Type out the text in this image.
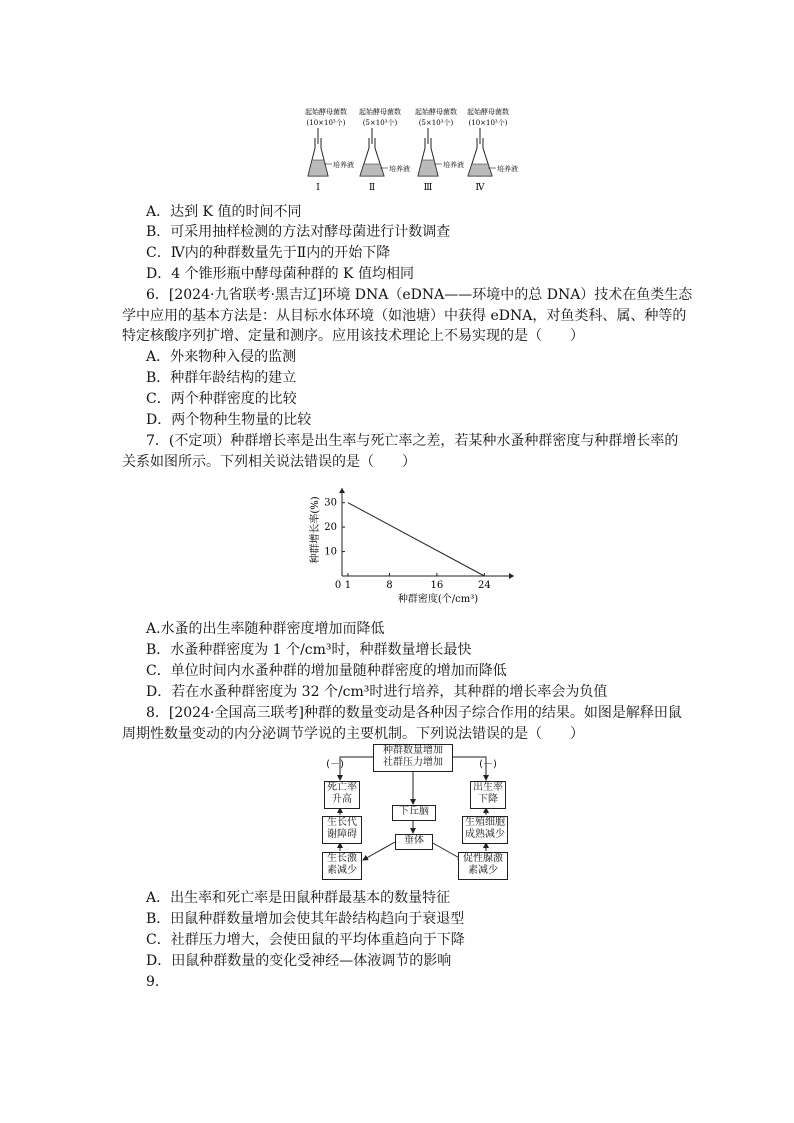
起始酵母菌数
(10×10³个)
培养液
Ⅰ
起始酵母菌数
(5×10³个)
培养液
Ⅱ
起始酵母菌数
(5×10³个)
培养液
Ⅲ
起始酵母菌数
(10×10³个)
培养液
Ⅳ
A．达到 K 值的时间不同
B．可采用抽样检测的方法对酵母菌进行计数调查
C．Ⅳ内的种群数量先于Ⅱ内的开始下降
D．4 个锥形瓶中酵母菌种群的 K 值均相同
6．[2024·九省联考·黑吉辽]环境 DNA（eDNA——环境中的总 DNA）技术在鱼类生态
学中应用的基本方法是：从目标水体环境（如池塘）中获得 eDNA，对鱼类科、属、种等的
特定核酸序列扩增、定量和测序。应用该技术理论上不易实现的是（　　）
A．外来物种入侵的监测
B．种群年龄结构的建立
C．两个种群密度的比较
D．两个物种生物量的比较
7．(不定项）种群增长率是出生率与死亡率之差，若某种水蚤种群密度与种群增长率的
关系如图所示。下列相关说法错误的是（　　）
0 1	8	16	24
10
20
30
种群密度(个/cm³)
种群增长率(%)
A.水蚤的出生率随种群密度增加而降低
B．水蚤种群密度为 1 个/cm³时，种群数量增长最快
C．单位时间内水蚤种群的增加量随种群密度的增加而降低
D．若在水蚤种群密度为 32 个/cm³时进行培养，其种群的增长率会为负值
8．[2024·全国高三联考]种群的数量变动是各种因子综合作用的结果。如图是解释田鼠
周期性数量变动的内分泌调节学说的主要机制。下列说法错误的是（　　）
种群数量增加
社群压力增加
(－)	(－)
死亡率
升高
出生率
下降
下丘脑
生长代
谢障碍
生殖细胞
成熟减少
垂体
生长激
素减少
促性腺激
素减少
A．出生率和死亡率是田鼠种群最基本的数量特征
B．田鼠种群数量增加会使其年龄结构趋向于衰退型
C．社群压力增大，会使田鼠的平均体重趋向于下降
D．田鼠种群数量的变化受神经—体液调节的影响
9.
